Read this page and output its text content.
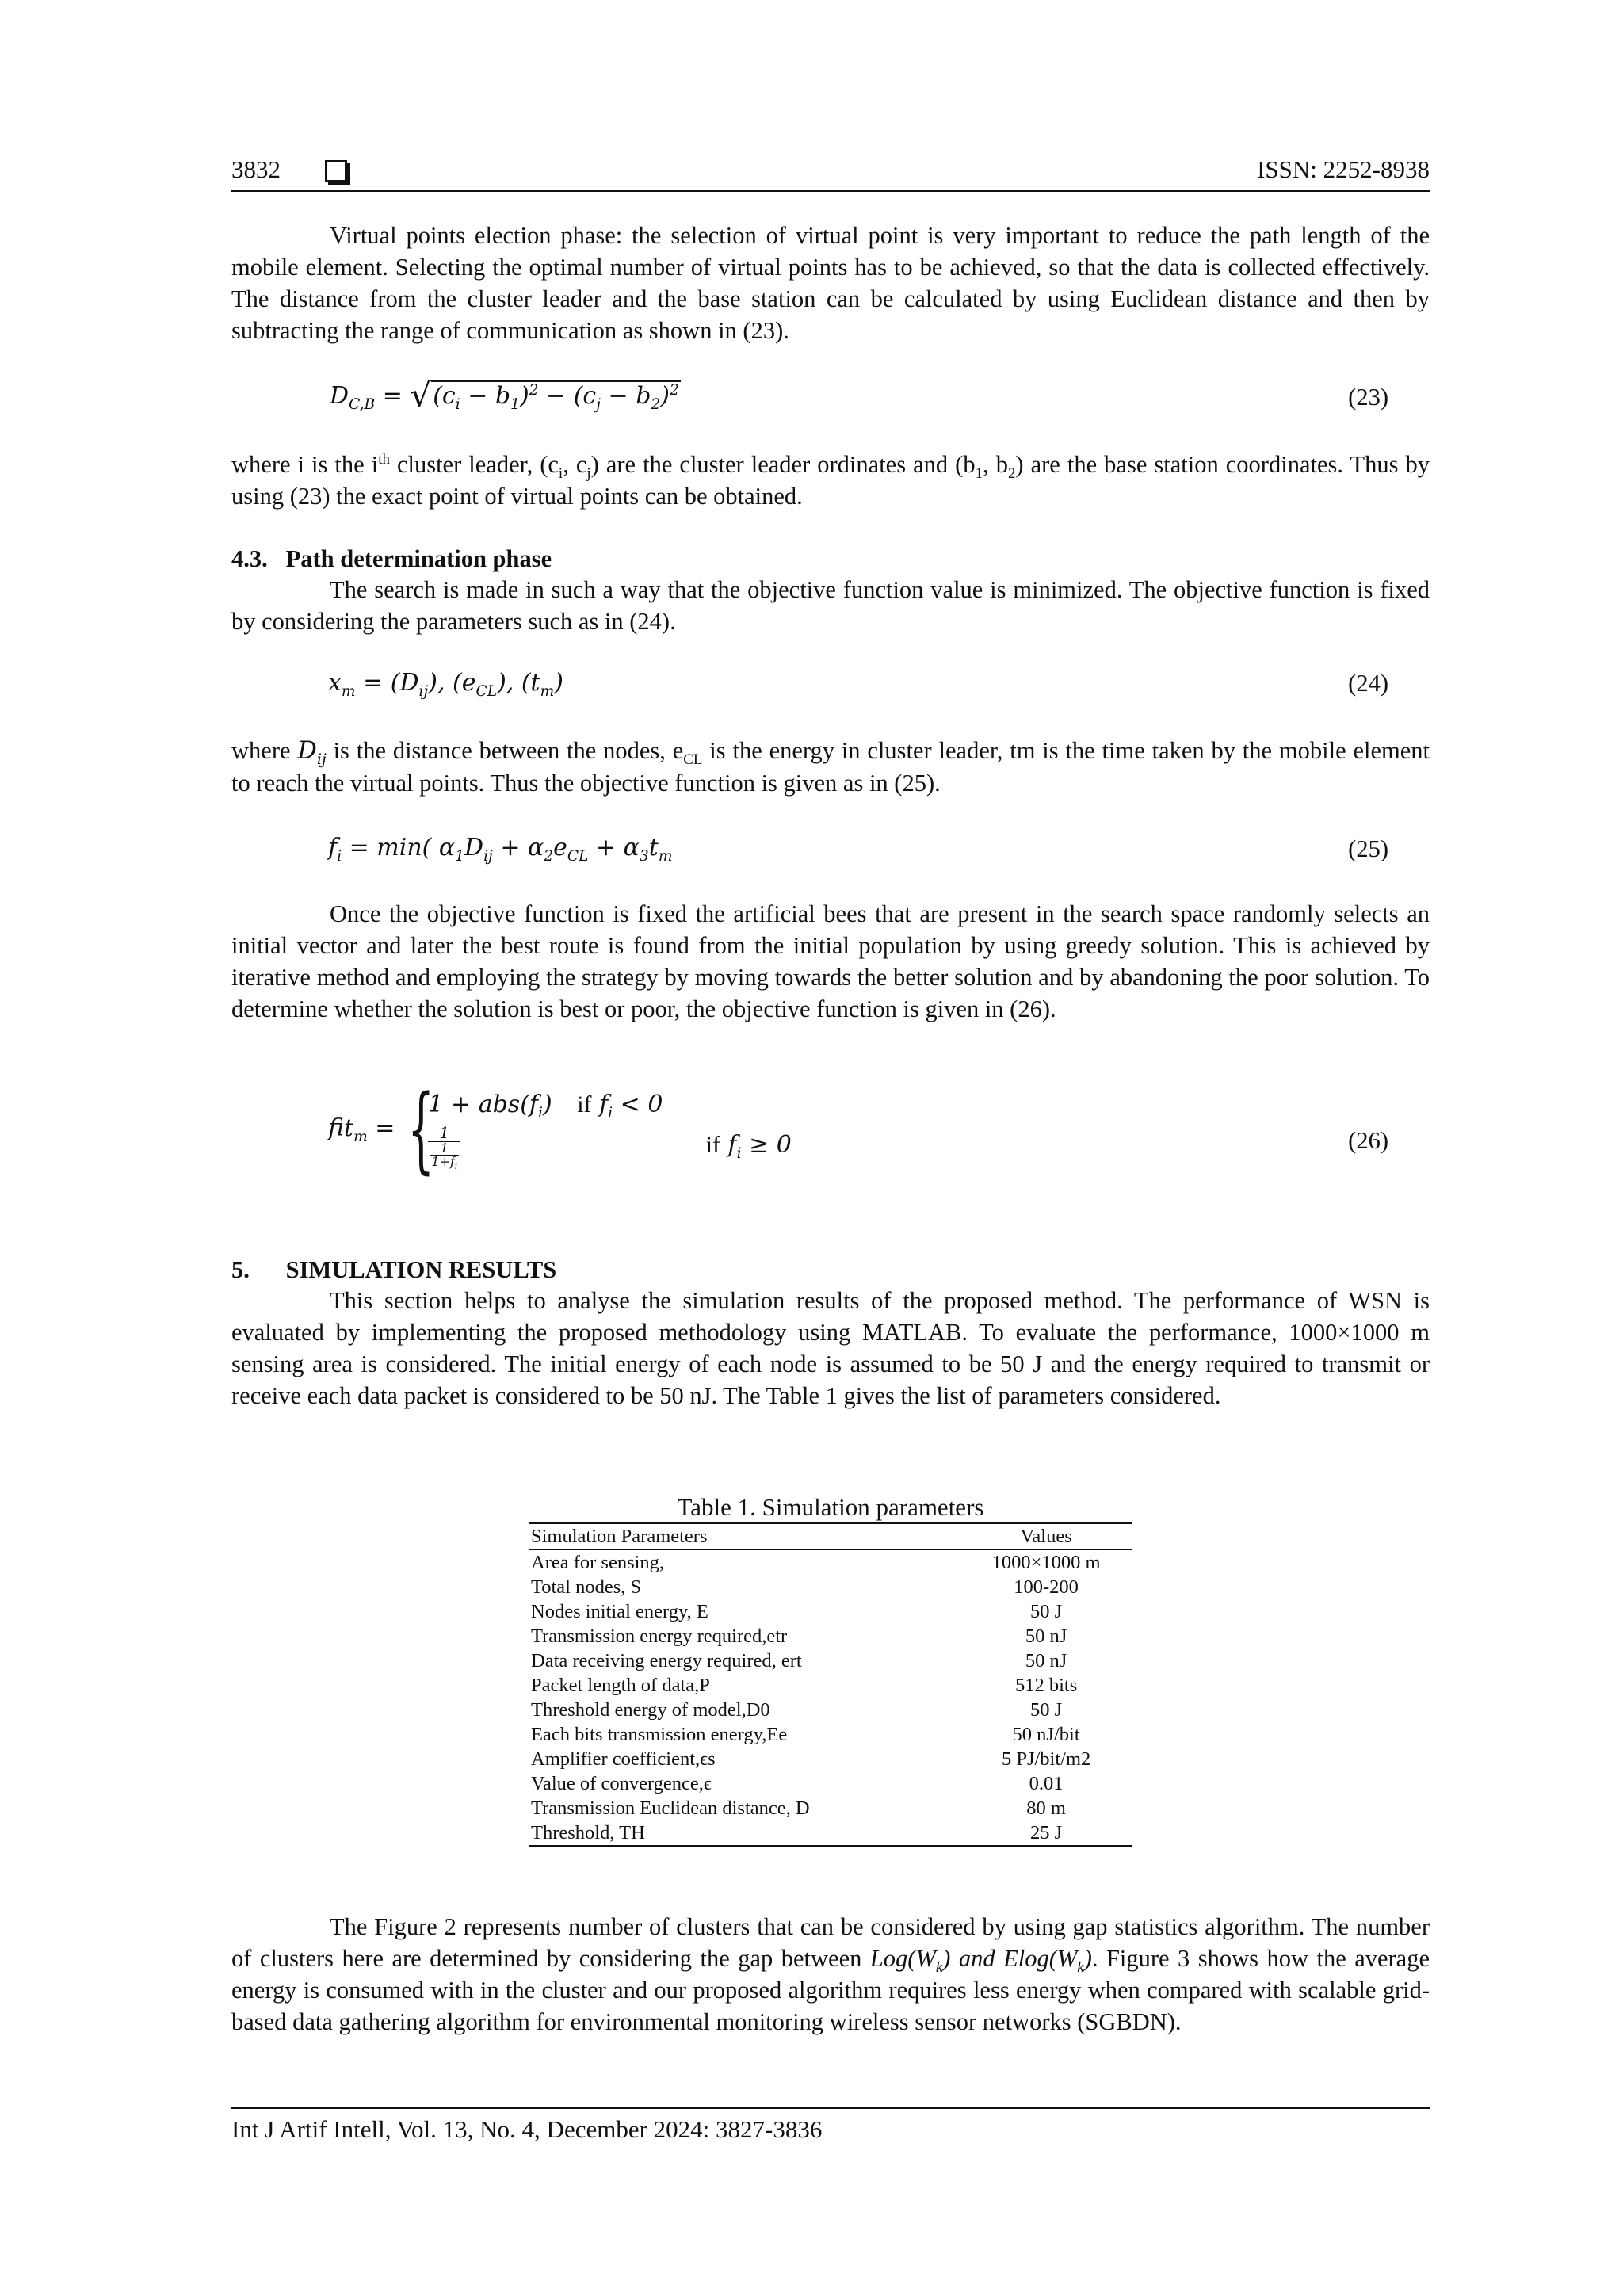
3832	ISSN: 2252-8938

Virtual points election phase: the selection of virtual point is very important to reduce the path length of the mobile element. Selecting the optimal number of virtual points has to be achieved, so that the data is collected effectively. The distance from the cluster leader and the base station can be calculated by using Euclidean distance and then by subtracting the range of communication as shown in (23).

$D_{C,B} = √(c_i - b_1)^2 - (c_j - b_2)^2$	(23)

where i is the $i^{th}$ cluster leader, ($c_i$, $c_j$) are the cluster leader ordinates and ($b_1$, $b_2$) are the base station coordinates. Thus by using (23) the exact point of virtual points can be obtained.

4.3.   Path determination phase

The search is made in such a way that the objective function value is minimized. The objective function is fixed by considering the parameters such as in (24).

$x_m = (D_{ij})$, $(e_{CL})$, $(t_m)$	(24)

where $D_{ij}$ is the distance between the nodes, $e_{CL}$ is the energy in cluster leader, tm is the time taken by the mobile element to reach the virtual points. Thus the objective function is given as in (25).

$f_i = \min$( $\alpha_1D_{ij} + \alpha_2e_{CL} + \alpha_3t_m$	(25)

Once the objective function is fixed the artificial bees that are present in the search space randomly selects an initial vector and later the best route is found from the initial population by using greedy solution. This is achieved by iterative method and employing the strategy by moving towards the better solution and by abandoning the poor solution. To determine whether the solution is best or poor, the objective function is given in (26).

fit$_m$ = {
$1 + abs(f_i)$ if $f_i < 0$
$\frac{1}{\frac{1}{1+f_i}}$	if $f_i \ge 0$	(26)
5.      SIMULATION RESULTS

This section helps to analyse the simulation results of the proposed method. The performance of WSN is evaluated by implementing the proposed methodology using MATLAB. To evaluate the performance, 1000×1000 m sensing area is considered. The initial energy of each node is assumed to be 50 J and the energy required to transmit or receive each data packet is considered to be 50 nJ. The Table 1 gives the list of parameters considered.

Table 1. Simulation parameters
Simulation Parameters	Values
Area for sensing,	1000×1000 m
Total nodes, S	100-200
Nodes initial energy, E	50 J
Transmission energy required,etr	50 nJ
Data receiving energy required, ert	50 nJ
Packet length of data,P	512 bits
Threshold energy of model,D0	50 J
Each bits transmission energy,Ee	50 nJ/bit
Amplifier coefficient,ϵs	5 PJ/bit/m2
Value of convergence,ϵ	0.01
Transmission Euclidean distance, D	80 m
Threshold, TH	25 J

The Figure 2 represents number of clusters that can be considered by using gap statistics algorithm. The number of clusters here are determined by considering the gap between $Log(W_k)$ and $Elog(W_k)$. Figure 3 shows how the average energy is consumed with in the cluster and our proposed algorithm requires less energy when compared with scalable grid-based data gathering algorithm for environmental monitoring wireless sensor networks (SGBDN).

Int J Artif Intell, Vol. 13, No. 4, December 2024: 3827-3836
